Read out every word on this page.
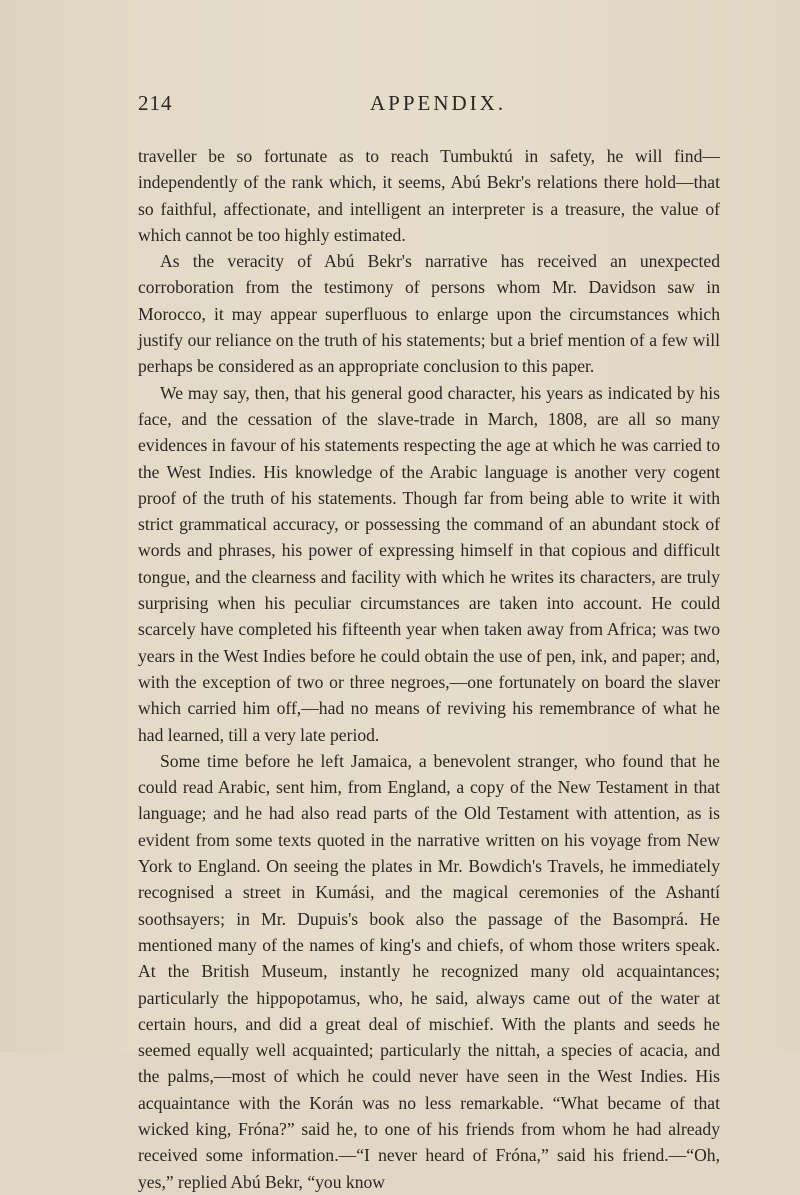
214	APPENDIX.

traveller be so fortunate as to reach Tumbuktú in safety, he will find—independently of the rank which, it seems, Abú Bekr's relations there hold—that so faithful, affectionate, and intelligent an interpreter is a treasure, the value of which cannot be too highly estimated.

As the veracity of Abú Bekr's narrative has received an unexpected corroboration from the testimony of persons whom Mr. Davidson saw in Morocco, it may appear superfluous to enlarge upon the circumstances which justify our reliance on the truth of his statements; but a brief mention of a few will perhaps be considered as an appropriate conclusion to this paper.

We may say, then, that his general good character, his years as indicated by his face, and the cessation of the slave-trade in March, 1808, are all so many evidences in favour of his statements respecting the age at which he was carried to the West Indies. His knowledge of the Arabic language is another very cogent proof of the truth of his statements. Though far from being able to write it with strict grammatical accuracy, or possessing the command of an abundant stock of words and phrases, his power of expressing himself in that copious and difficult tongue, and the clearness and facility with which he writes its characters, are truly surprising when his peculiar circumstances are taken into account. He could scarcely have completed his fifteenth year when taken away from Africa; was two years in the West Indies before he could obtain the use of pen, ink, and paper; and, with the exception of two or three negroes,—one fortunately on board the slaver which carried him off,—had no means of reviving his remembrance of what he had learned, till a very late period.

Some time before he left Jamaica, a benevolent stranger, who found that he could read Arabic, sent him, from England, a copy of the New Testament in that language; and he had also read parts of the Old Testament with attention, as is evident from some texts quoted in the narrative written on his voyage from New York to England. On seeing the plates in Mr. Bowdich's Travels, he immediately recognised a street in Kumási, and the magical ceremonies of the Ashantí soothsayers; in Mr. Dupuis's book also the passage of the Basomprá. He mentioned many of the names of king's and chiefs, of whom those writers speak. At the British Museum, instantly he recognized many old acquaintances; particularly the hippopotamus, who, he said, always came out of the water at certain hours, and did a great deal of mischief. With the plants and seeds he seemed equally well acquainted; particularly the nittah, a species of acacia, and the palms,—most of which he could never have seen in the West Indies. His acquaintance with the Korán was no less remarkable. “What became of that wicked king, Fróna?” said he, to one of his friends from whom he had already received some information.—“I never heard of Fróna,” said his friend.—“Oh, yes,” replied Abú Bekr, “you know
